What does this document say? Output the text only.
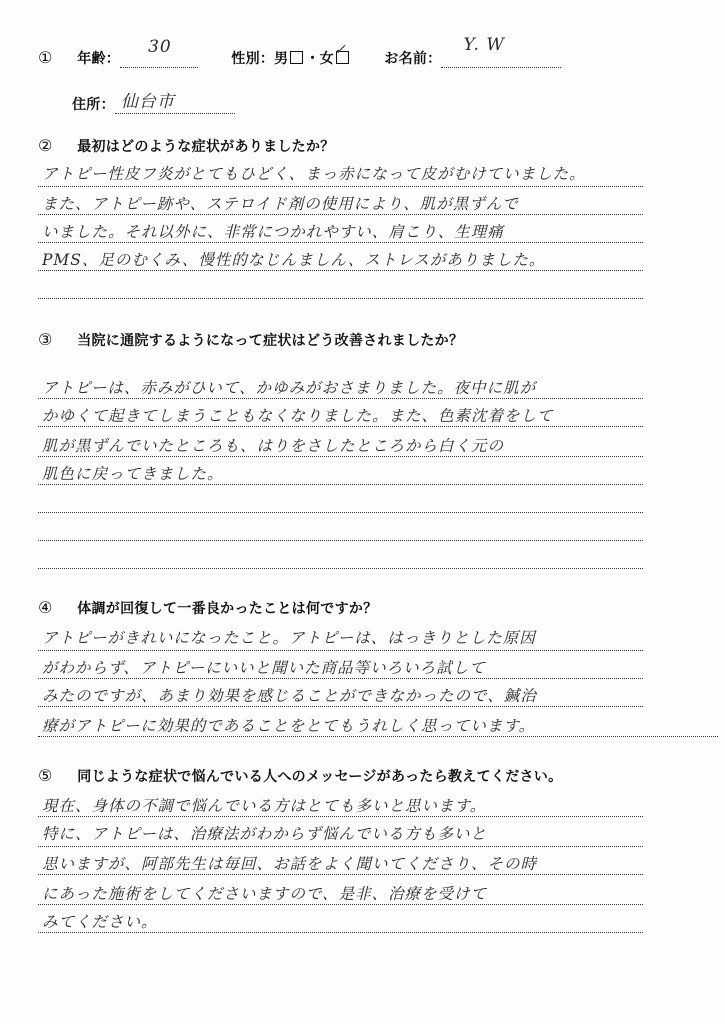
① 年齢：
30
性別：男 ・女
✓
お名前：
Y. W
住所： 仙台市
② 最初はどのような症状がありましたか？
アトピー性皮フ炎がとてもひどく、まっ赤になって皮がむけていました。
また、アトピー跡や、ステロイド剤の使用により、肌が黒ずんで
いました。それ以外に、非常につかれやすい、肩こり、生理痛
PMS、足のむくみ、慢性的なじんましん、ストレスがありました。
③ 当院に通院するようになって症状はどう改善されましたか？
アトピーは、赤みがひいて、かゆみがおさまりました。夜中に肌が
かゆくて起きてしまうこともなくなりました。また、色素沈着をして
肌が黒ずんでいたところも、はりをさしたところから白く元の
肌色に戻ってきました。
④ 体調が回復して一番良かったことは何ですか？
アトピーがきれいになったこと。アトピーは、はっきりとした原因
がわからず、アトピーにいいと聞いた商品等いろいろ試して
みたのですが、あまり効果を感じることができなかったので、鍼治
療がアトピーに効果的であることをとてもうれしく思っています。
⑤ 同じような症状で悩んでいる人へのメッセージがあったら教えてください。
現在、身体の不調で悩んでいる方はとても多いと思います。
特に、アトピーは、治療法がわからず悩んでいる方も多いと
思いますが、阿部先生は毎回、お話をよく聞いてくださり、その時
にあった施術をしてくださいますので、是非、治療を受けて
みてください。
